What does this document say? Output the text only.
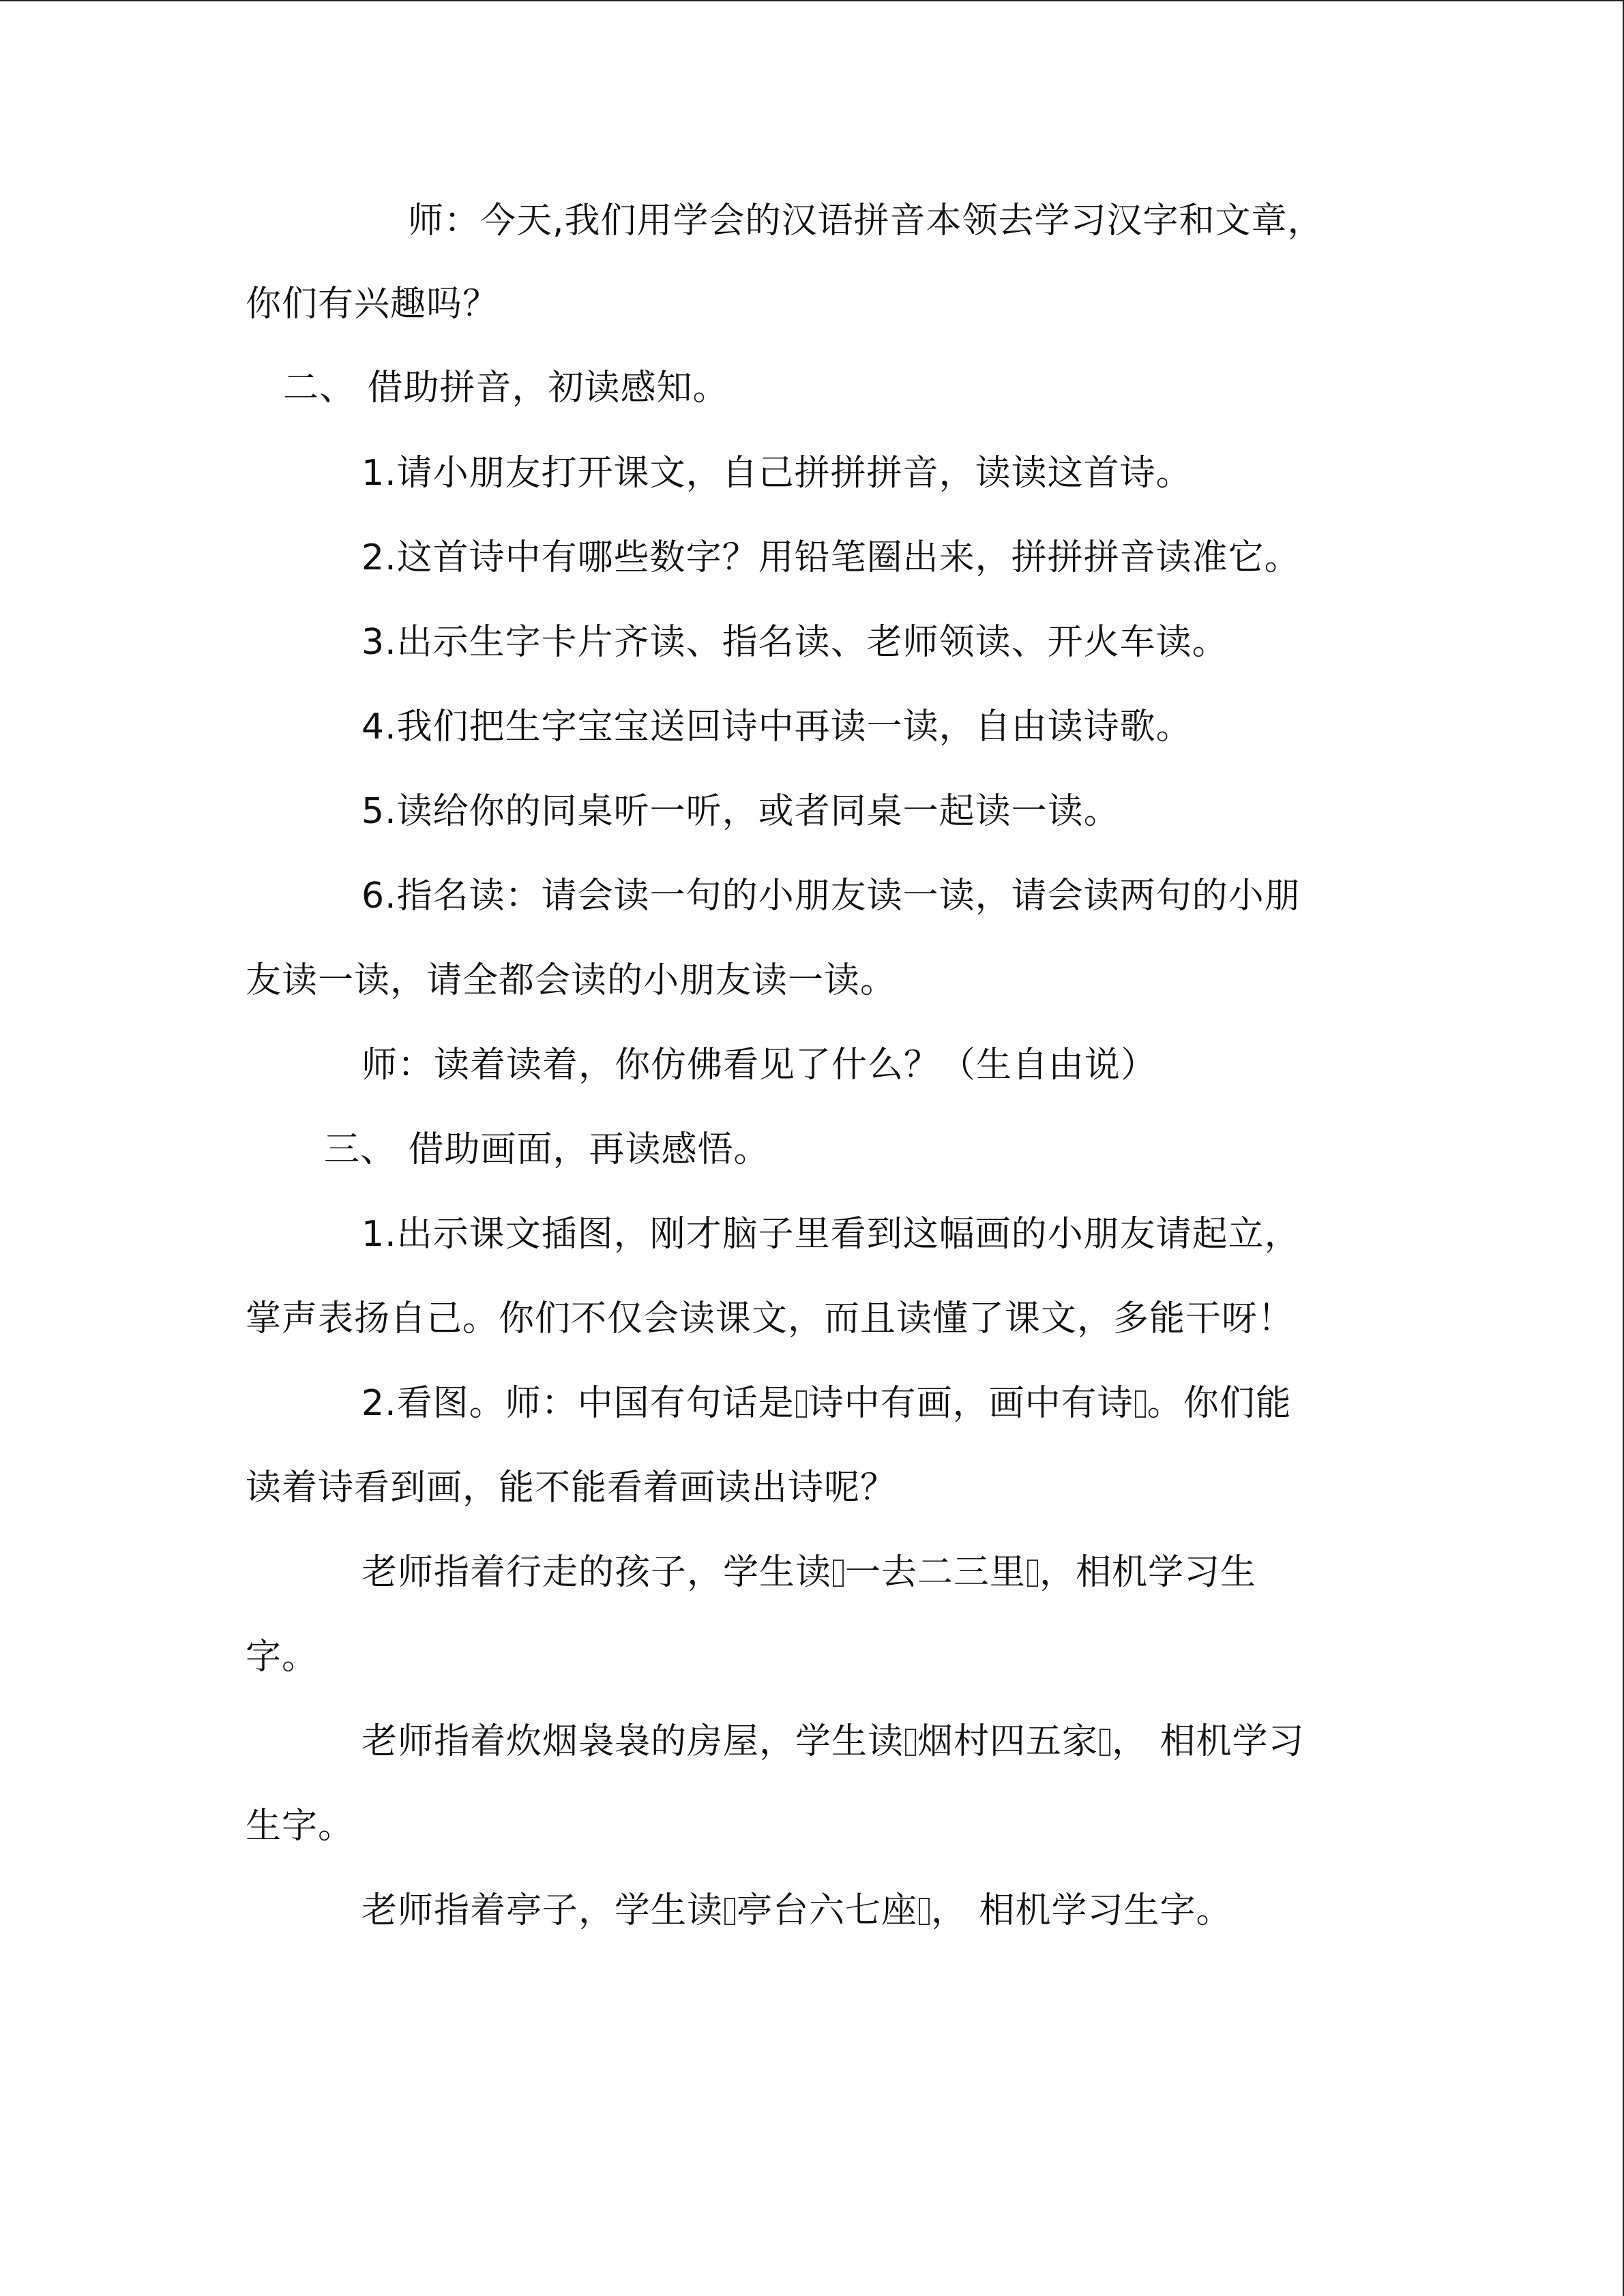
师：今天,我们用学会的汉语拼音本领去学习汉字和文章，
你们有兴趣吗？
二、 借助拼音，初读感知。
1.请小朋友打开课文，自己拼拼拼音，读读这首诗。
2.这首诗中有哪些数字？用铅笔圈出来，拼拼拼音读准它。
3.出示生字卡片齐读、指名读、老师领读、开火车读。
4.我们把生字宝宝送回诗中再读一读，自由读诗歌。
5.读给你的同桌听一听，或者同桌一起读一读。
6.指名读：请会读一句的小朋友读一读，请会读两句的小朋
友读一读，请全都会读的小朋友读一读。
师：读着读着，你仿佛看见了什么？（生自由说）
三、 借助画面，再读感悟。
1.出示课文插图，刚才脑子里看到这幅画的小朋友请起立，
掌声表扬自己。你们不仅会读课文，而且读懂了课文，多能干呀！
2.看图。师：中国有句话是 诗中有画，画中有诗 。你们能
读着诗看到画，能不能看着画读出诗呢？
老师指着行走的孩子，学生读 一去二三里 ，相机学习生
字。
老师指着炊烟袅袅的房屋，学生读 烟村四五家 ， 相机学习
生字。
老师指着亭子，学生读 亭台六七座 ， 相机学习生字。
